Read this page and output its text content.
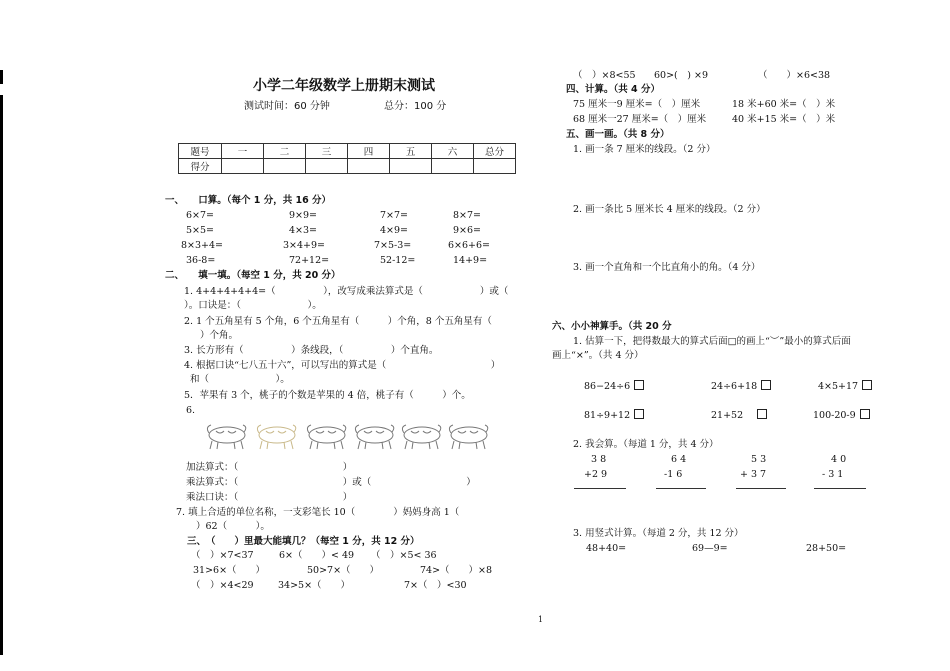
小学二年级数学上册期末测试
测试时间：60 分钟	总分：100 分
题号	一	二	三	四	五	六	总分
得分							
一、　　口算。（每个 1 分，共 16 分）
6×7=	9×9=	7×7=	8×7=
5×5=	4×3=	4×9=	9×6=
8×3+4=	3×4+9=	7×5-3=	6×6+6=
36-8=	72+12=	52-12=	14+9=
二、　　填一填。（每空 1 分，共 20 分）
1. 4+4+4+4+4=（　　　　　），改写成乘法算式是（　　　　　　）或（
）。口诀是：（　　　　　　　）。
2. 1 个五角星有 5 个角，6 个五角星有（　　　）个角，8 个五角星有（
）个角。
3. 长方形有（　　　　　）条线段，（　　　　　）个直角。
4. 根据口诀“七八五十六”，可以写出的算式是（　　　　　　　　　　　）
和（　　　　　　　）。
5．苹果有 3 个，桃子的个数是苹果的 4 倍，桃子有（　　　）个。
6.
加法算式：（　　　　　　　　　　　）
乘法算式：（　　　　　　　　　　　）或（　　　　　　　　　　）
乘法口诀：（　　　　　　　　　　　）
7. 填上合适的单位名称，一支彩笔长 10（　　　　）妈妈身高 1（
）62（　　　）。
三、　（　　）里最大能填几？（每空 1 分，共 12 分）
（　）×7<37	6×（　　）< 49 （　）×5< 36
31>6×（　　）	50>7×（　　）	74>（　　）×8
（　）×4<29	34>5×（　　）	7×（　）<30
（　）×8<55 60>(　) ×9	（　　）×6<38
四、计算。（共 4 分）
75 厘米一9 厘米=（　）厘米	18 米+60 米=（　）米
68 厘米一27 厘米=（　）厘米	40 米+15 米=（　）米
五、画一画。（共 8 分）
1. 画一条 7 厘米的线段。（2 分）
2. 画一条比 5 厘米长 4 厘米的线段。（2 分）
3. 画一个直角和一个比直角小的角。（4 分）
六、小小神算手。（共 20 分
1. 估算一下，把得数最大的算式后面□的画上“︶”最小的算式后面
画上“×”。（共 4 分）
86−24÷6	24÷6+18	4×5+17
81÷9+12	21+52	100-20-9
2. 我会算。（每道 1 分，共 4 分）
3 8
+2 9
6 4
-1 6
5 3
+ 3 7
4 0
- 3 1
3. 用竖式计算。（每道 2 分，共 12 分）
48+40=	69—9=	28+50=
1
